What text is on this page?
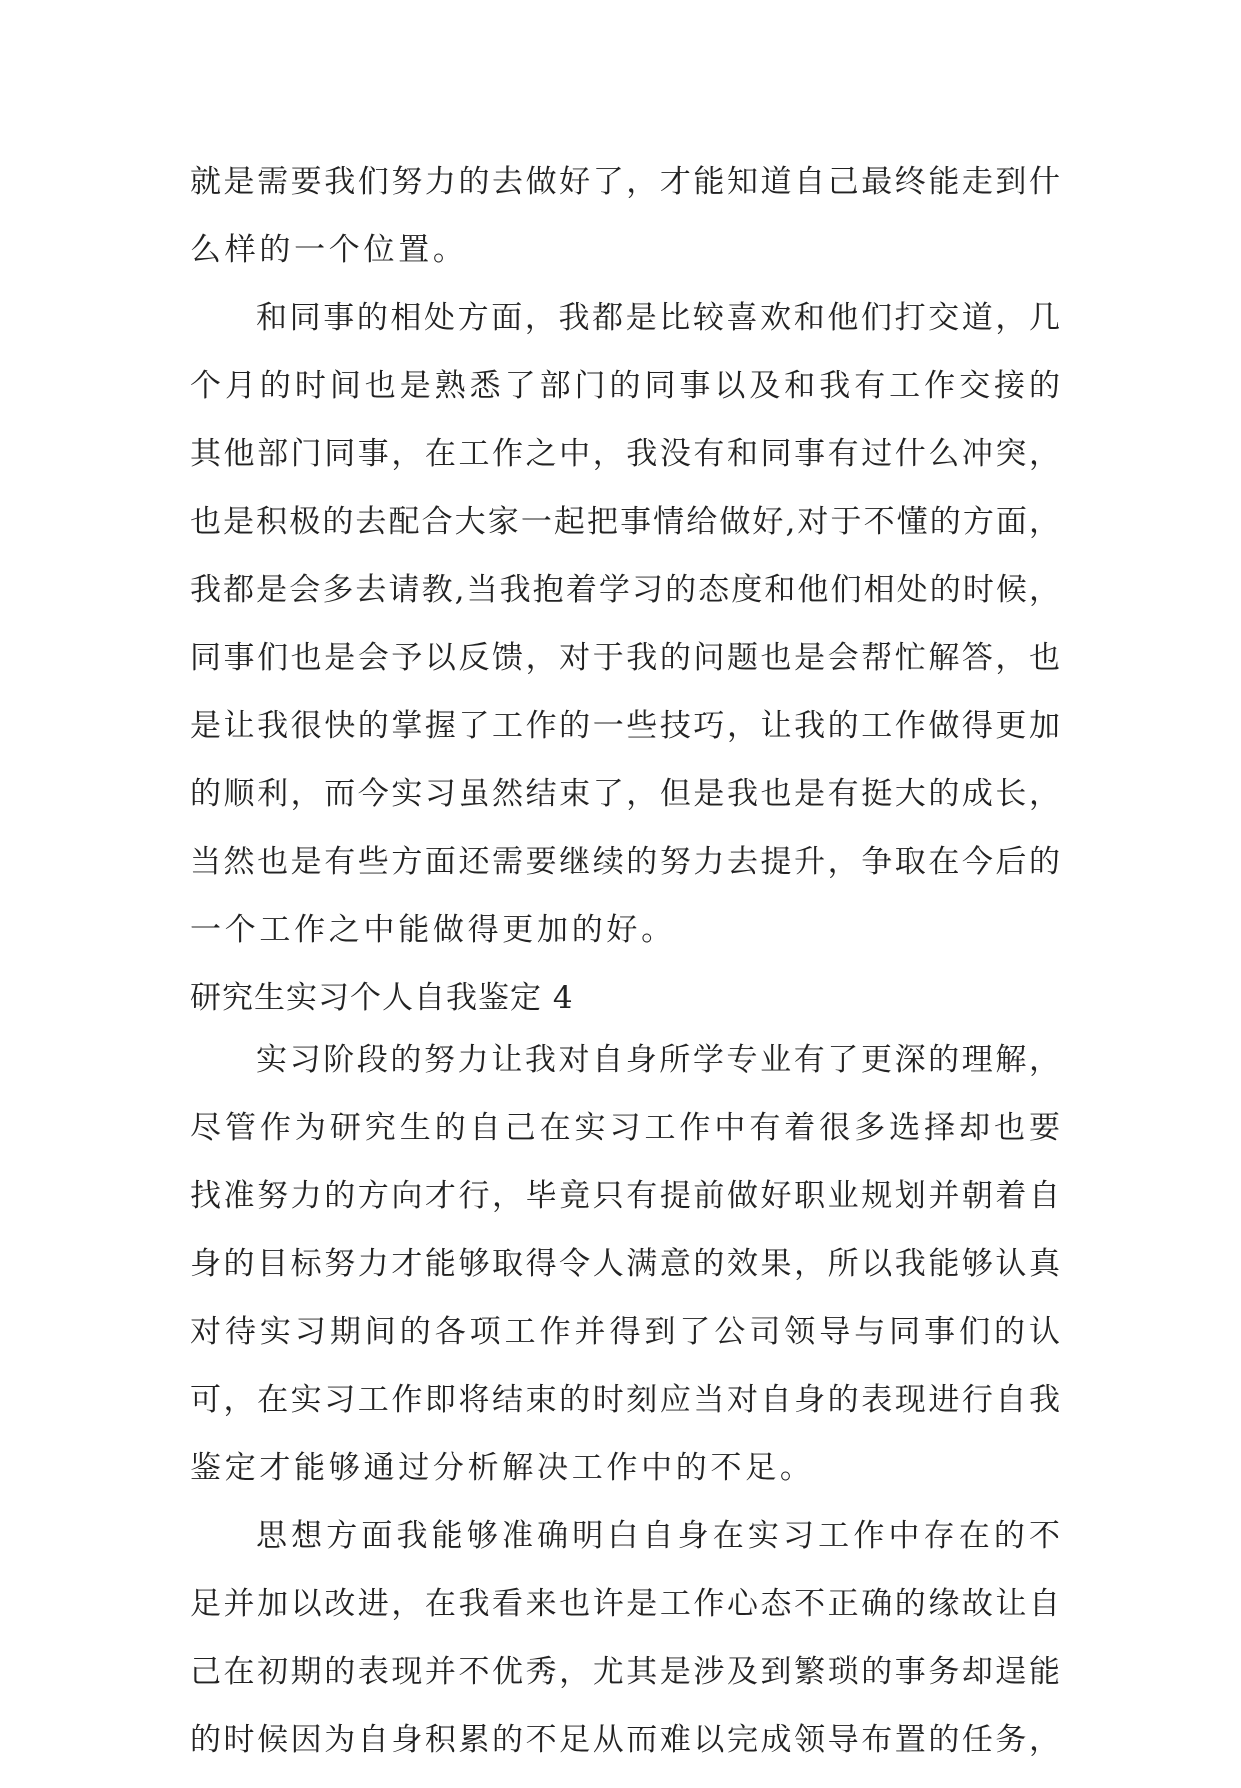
就是需要我们努力的去做好了，才能知道自己最终能走到什
么样的一个位置。
和同事的相处方面，我都是比较喜欢和他们打交道，几
个月的时间也是熟悉了部门的同事以及和我有工作交接的
其他部门同事，在工作之中，我没有和同事有过什么冲突，
也是积极的去配合大家一起把事情给做好,对于不懂的方面，
我都是会多去请教,当我抱着学习的态度和他们相处的时候，
同事们也是会予以反馈，对于我的问题也是会帮忙解答，也
是让我很快的掌握了工作的一些技巧，让我的工作做得更加
的顺利，而今实习虽然结束了，但是我也是有挺大的成长，
当然也是有些方面还需要继续的努力去提升，争取在今后的
一个工作之中能做得更加的好。
研究生实习个人自我鉴定 4
实习阶段的努力让我对自身所学专业有了更深的理解，
尽管作为研究生的自己在实习工作中有着很多选择却也要
找准努力的方向才行，毕竟只有提前做好职业规划并朝着自
身的目标努力才能够取得令人满意的效果，所以我能够认真
对待实习期间的各项工作并得到了公司领导与同事们的认
可，在实习工作即将结束的时刻应当对自身的表现进行自我
鉴定才能够通过分析解决工作中的不足。
思想方面我能够准确明白自身在实习工作中存在的不
足并加以改进，在我看来也许是工作心态不正确的缘故让自
己在初期的表现并不优秀，尤其是涉及到繁琐的事务却逞能
的时候因为自身积累的不足从而难以完成领导布置的任务，
